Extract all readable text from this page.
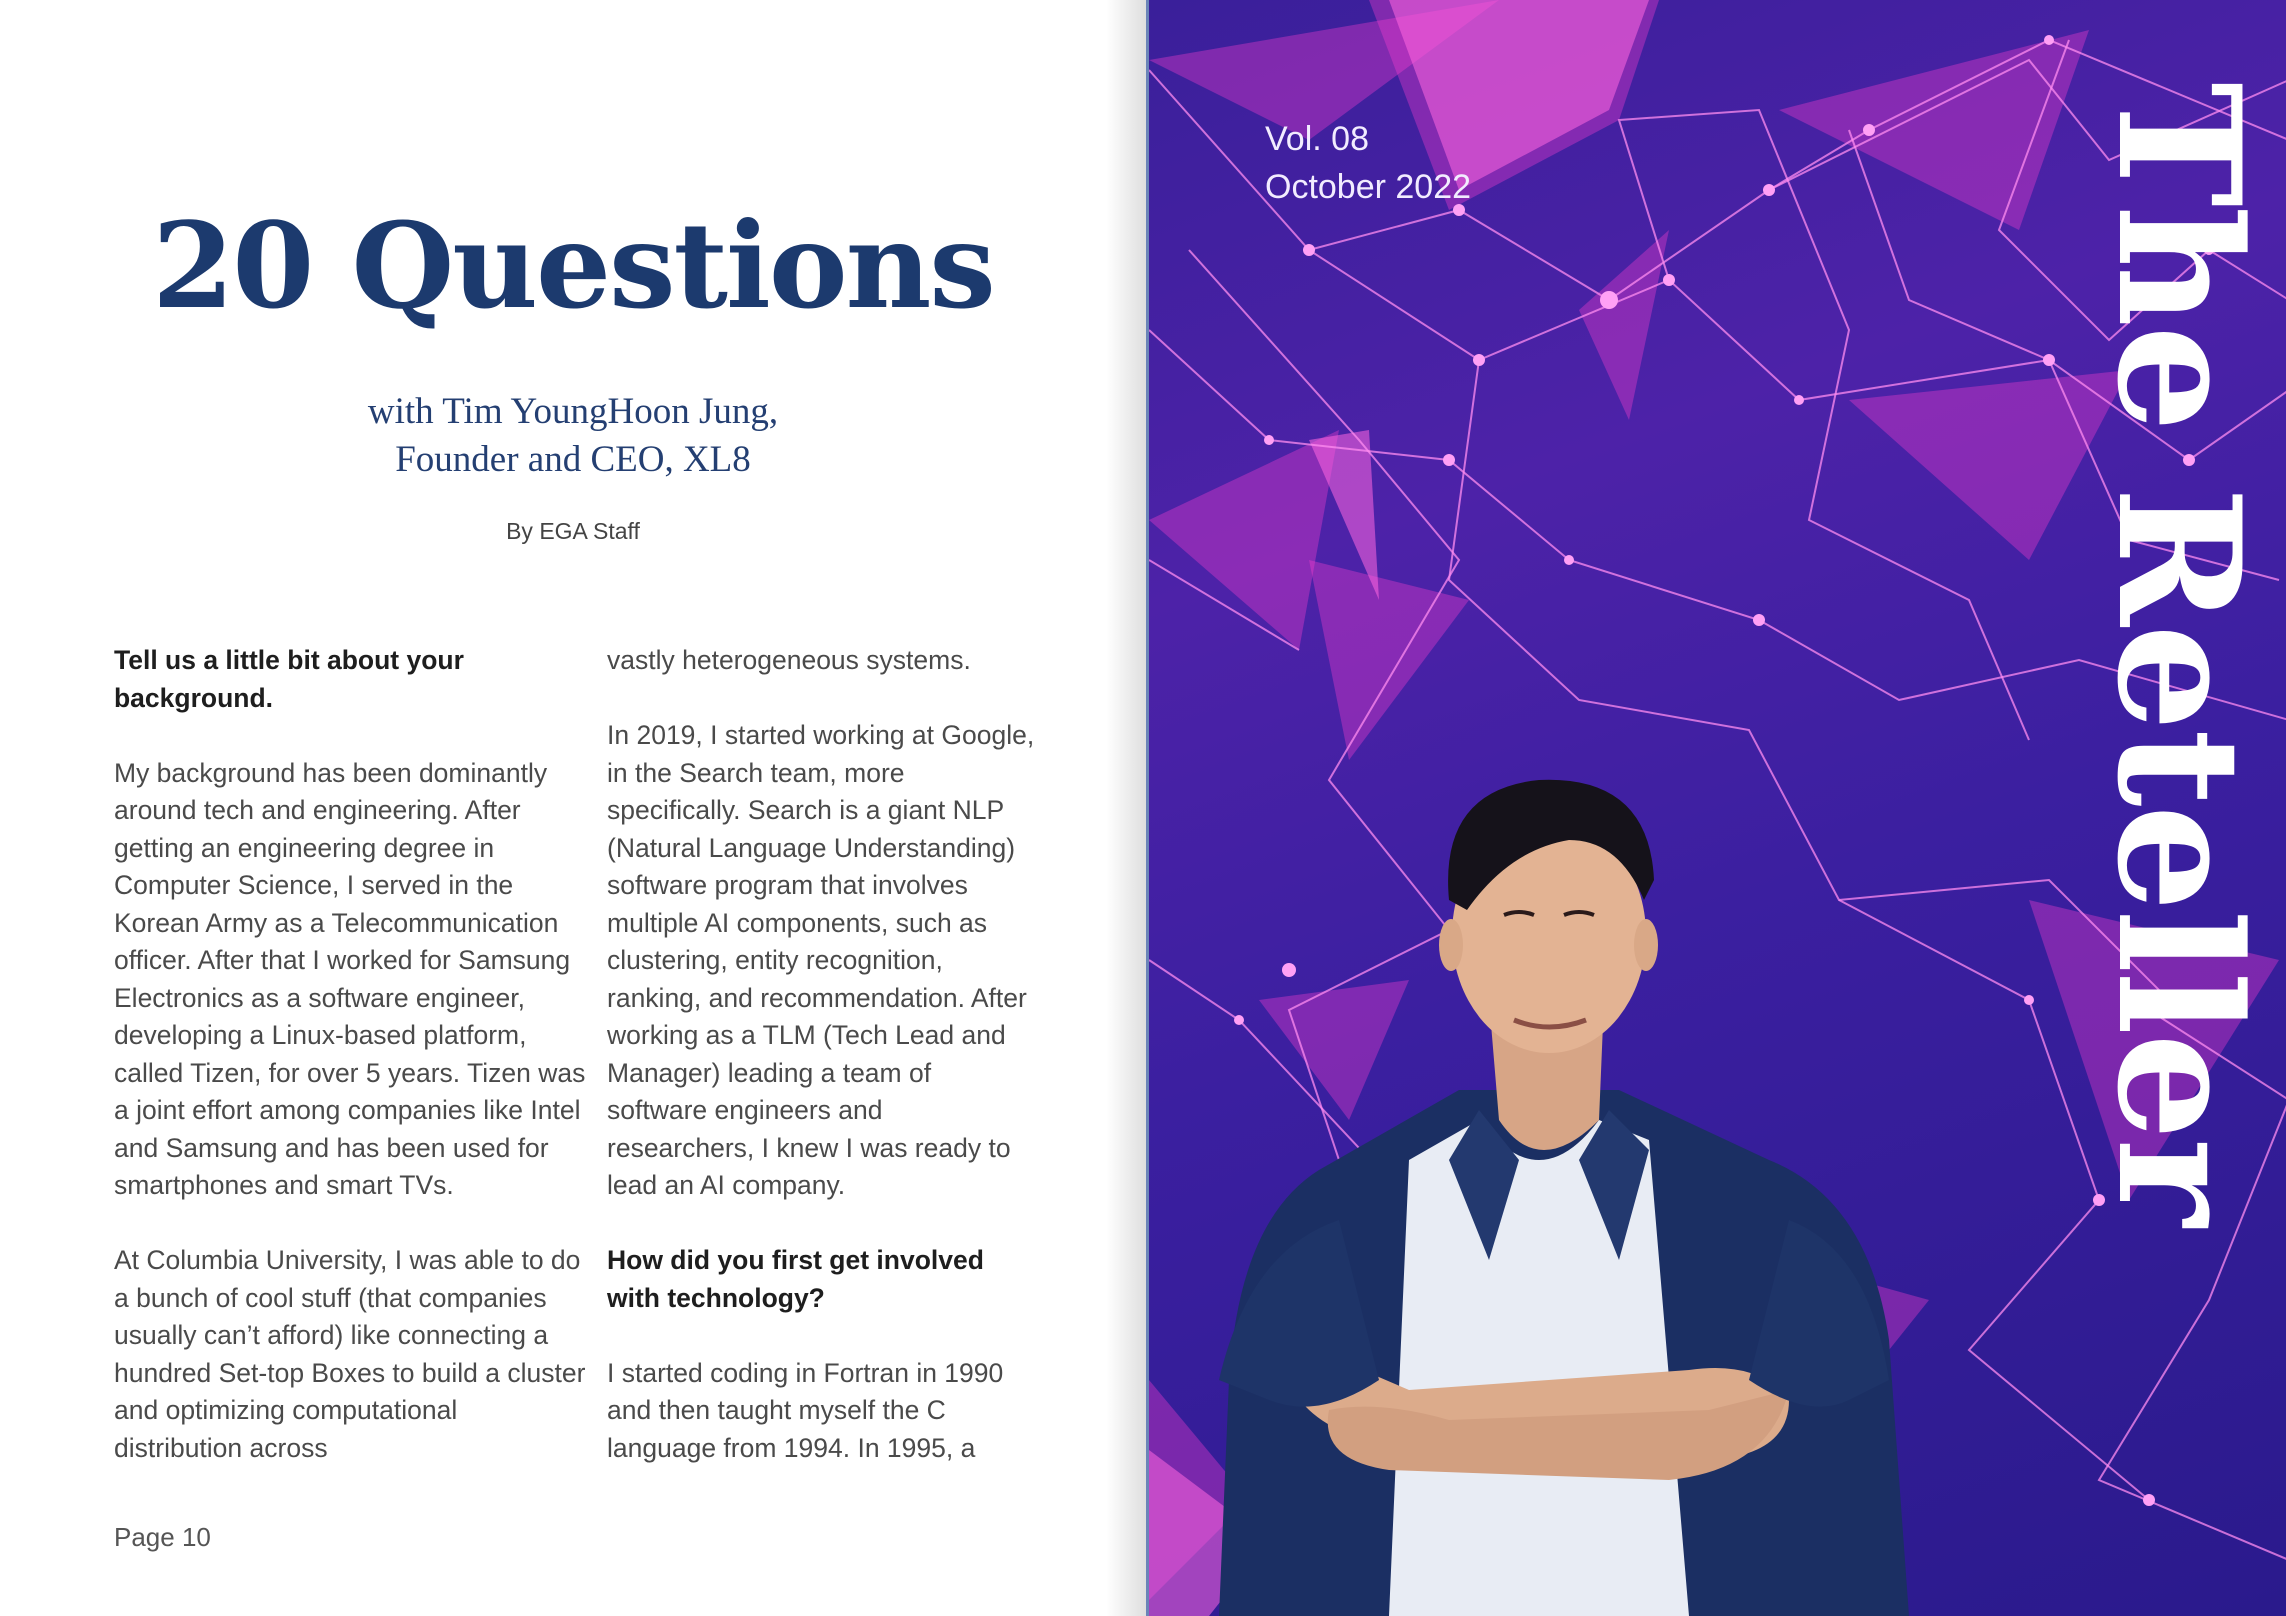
20 Questions
with Tim YoungHoon Jung,
Founder and CEO, XL8
By EGA Staff

Tell us a little bit about your background.

My background has been dominantly around tech and engineering. After getting an engineering degree in Computer Science, I served in the Korean Army as a Telecommunication officer. After that I worked for Samsung Electronics as a software engineer, developing a Linux-based platform, called Tizen, for over 5 years. Tizen was a joint effort among companies like Intel and Samsung and has been used for smartphones and smart TVs.

At Columbia University, I was able to do a bunch of cool stuff (that companies usually can’t afford) like connecting a hundred Set-top Boxes to build a cluster and optimizing computational distribution across

vastly heterogeneous systems.

In 2019, I started working at Google, in the Search team, more specifically. Search is a giant NLP (Natural Language Understanding) software program that involves multiple AI components, such as clustering, entity recognition, ranking, and recommendation. After working as a TLM (Tech Lead and Manager) leading a team of software engineers and researchers, I knew I was ready to lead an AI company.

How did you first get involved with technology?

I started coding in Fortran in 1990 and then taught myself the C language from 1994. In 1995, a

Page 10
Vol. 08
October 2022	The Reteller
